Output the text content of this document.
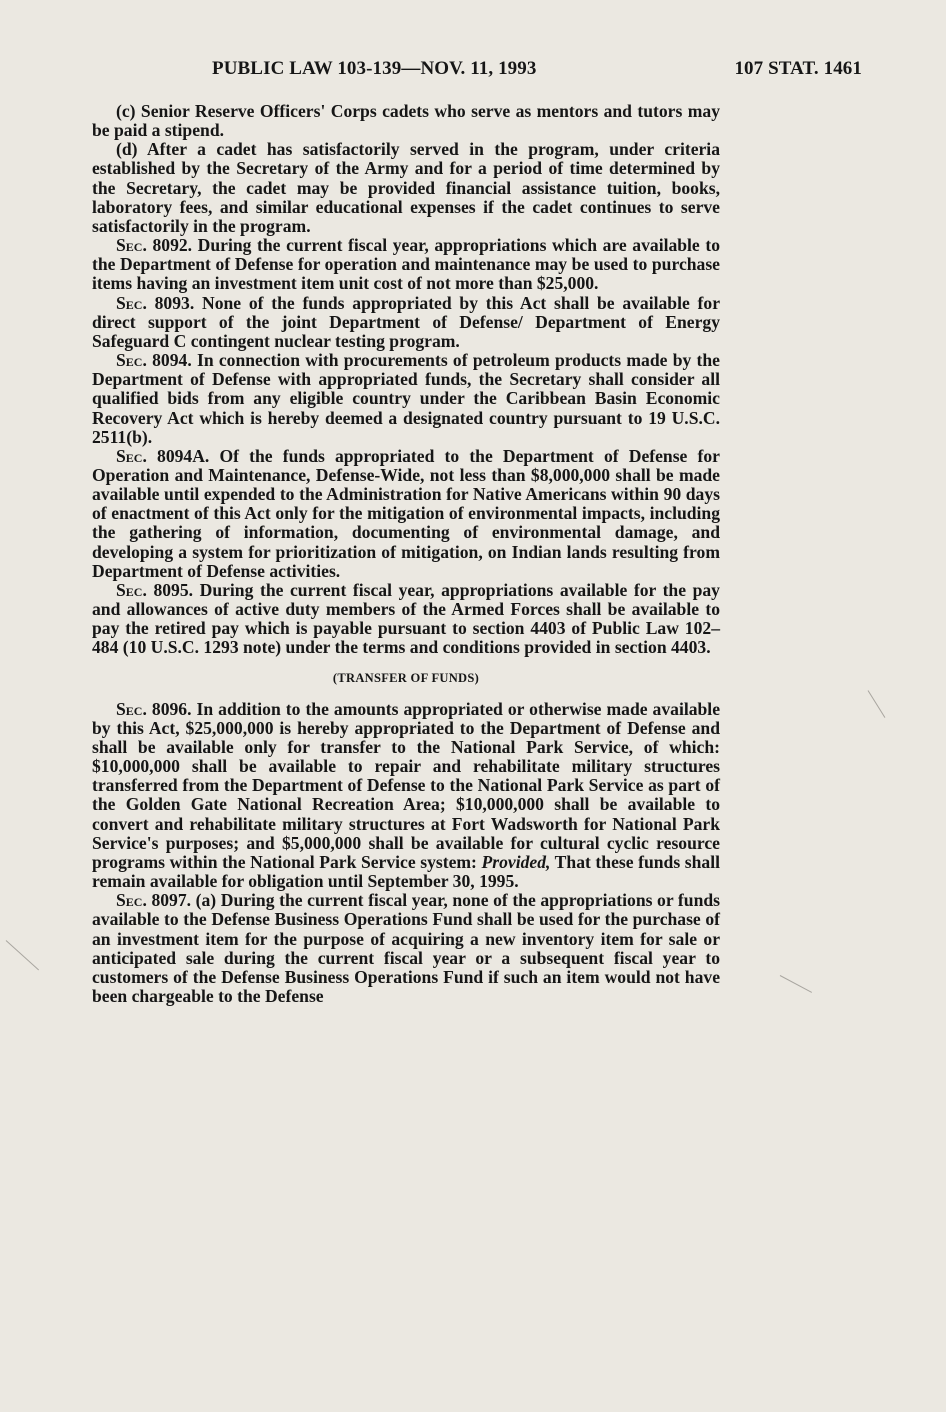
PUBLIC LAW 103-139—NOV. 11, 1993	107 STAT. 1461

(c) Senior Reserve Officers' Corps cadets who serve as mentors and tutors may be paid a stipend.

(d) After a cadet has satisfactorily served in the program, under criteria established by the Secretary of the Army and for a period of time determined by the Secretary, the cadet may be provided financial assistance tuition, books, laboratory fees, and similar educational expenses if the cadet continues to serve satisfactorily in the program.

Sec. 8092. During the current fiscal year, appropriations which are available to the Department of Defense for operation and maintenance may be used to purchase items having an investment item unit cost of not more than $25,000.

Sec. 8093. None of the funds appropriated by this Act shall be available for direct support of the joint Department of Defense/ Department of Energy Safeguard C contingent nuclear testing program.

Sec. 8094. In connection with procurements of petroleum products made by the Department of Defense with appropriated funds, the Secretary shall consider all qualified bids from any eligible country under the Caribbean Basin Economic Recovery Act which is hereby deemed a designated country pursuant to 19 U.S.C. 2511(b).

Sec. 8094A. Of the funds appropriated to the Department of Defense for Operation and Maintenance, Defense-Wide, not less than $8,000,000 shall be made available until expended to the Administration for Native Americans within 90 days of enactment of this Act only for the mitigation of environmental impacts, including the gathering of information, documenting of environmental damage, and developing a system for prioritization of mitigation, on Indian lands resulting from Department of Defense activities.

Sec. 8095. During the current fiscal year, appropriations available for the pay and allowances of active duty members of the Armed Forces shall be available to pay the retired pay which is payable pursuant to section 4403 of Public Law 102–484 (10 U.S.C. 1293 note) under the terms and conditions provided in section 4403.

(TRANSFER OF FUNDS)

Sec. 8096. In addition to the amounts appropriated or otherwise made available by this Act, $25,000,000 is hereby appropriated to the Department of Defense and shall be available only for transfer to the National Park Service, of which: $10,000,000 shall be available to repair and rehabilitate military structures transferred from the Department of Defense to the National Park Service as part of the Golden Gate National Recreation Area; $10,000,000 shall be available to convert and rehabilitate military structures at Fort Wadsworth for National Park Service's purposes; and $5,000,000 shall be available for cultural cyclic resource programs within the National Park Service system: Provided, That these funds shall remain available for obligation until September 30, 1995.

Sec. 8097. (a) During the current fiscal year, none of the appropriations or funds available to the Defense Business Operations Fund shall be used for the purchase of an investment item for the purpose of acquiring a new inventory item for sale or anticipated sale during the current fiscal year or a subsequent fiscal year to customers of the Defense Business Operations Fund if such an item would not have been chargeable to the Defense
